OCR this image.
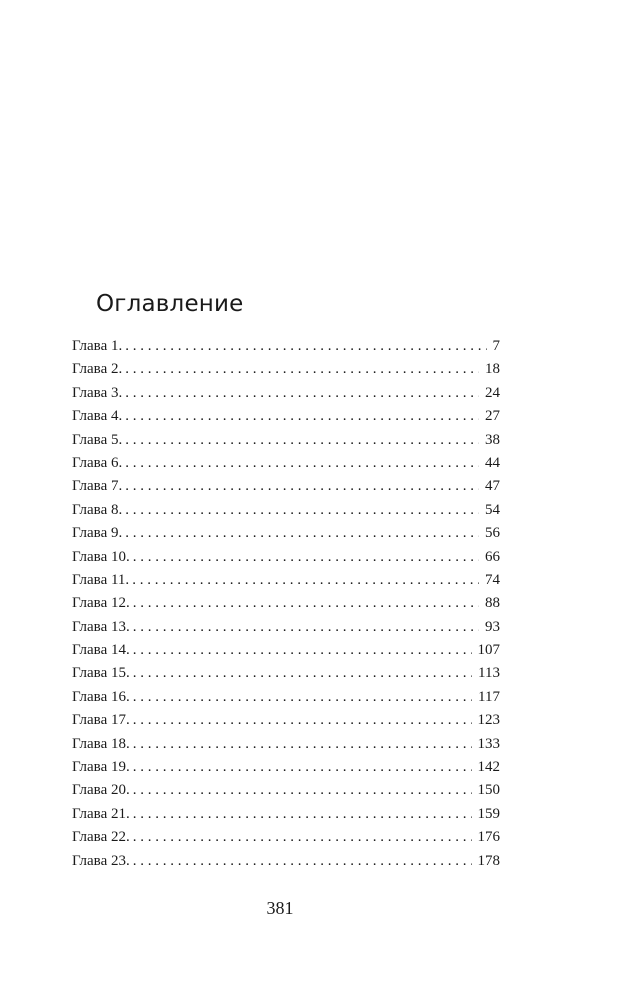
Оглавление
Глава 1. . . .	7
Глава 2. . . .	18
Глава 3. . . .	24
Глава 4. . . .	27
Глава 5. . . .	38
Глава 6. . . .	44
Глава 7. . . .	47
Глава 8. . . .	54
Глава 9. . . .	56
Глава 10. . . .	66
Глава 11. . . .	74
Глава 12. . . .	88
Глава 13. . . .	93
Глава 14. . . .	107
Глава 15. . . .	113
Глава 16. . . .	117
Глава 17. . . .	123
Глава 18. . . .	133
Глава 19. . . .	142
Глава 20. . . .	150
Глава 21. . . .	159
Глава 22. . . .	176
Глава 23. . . .	178
381
